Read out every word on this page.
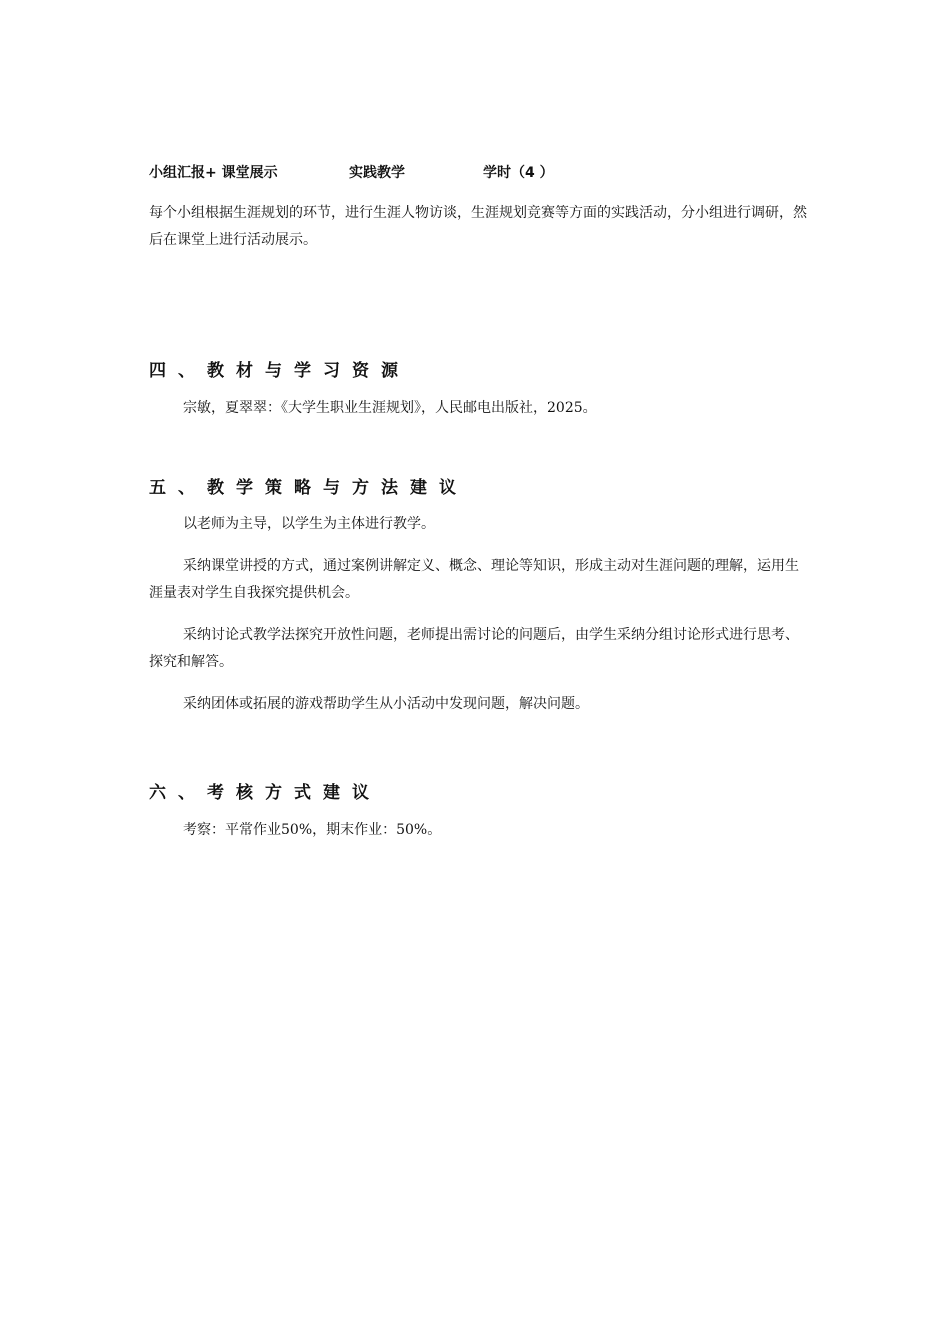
小组汇报+ 课堂展示	实践教学	学时（4 ）

每个小组根据生涯规划的环节，进行生涯人物访谈，生涯规划竞赛等方面的实践活动，分小组进行调研，然后在课堂上进行活动展示。

四、教材与学习资源

宗敏，夏翠翠：《大学生职业生涯规划》，人民邮电出版社，2025。

五、教学策略与方法建议

以老师为主导，以学生为主体进行教学。

采纳课堂讲授的方式，通过案例讲解定义、概念、理论等知识，形成主动对生涯问题的理解，运用生涯量表对学生自我探究提供机会。

采纳讨论式教学法探究开放性问题，老师提出需讨论的问题后，由学生采纳分组讨论形式进行思考、探究和解答。

采纳团体或拓展的游戏帮助学生从小活动中发现问题，解决问题。

六、考核方式建议

考察：平常作业50%，期末作业：50%。
